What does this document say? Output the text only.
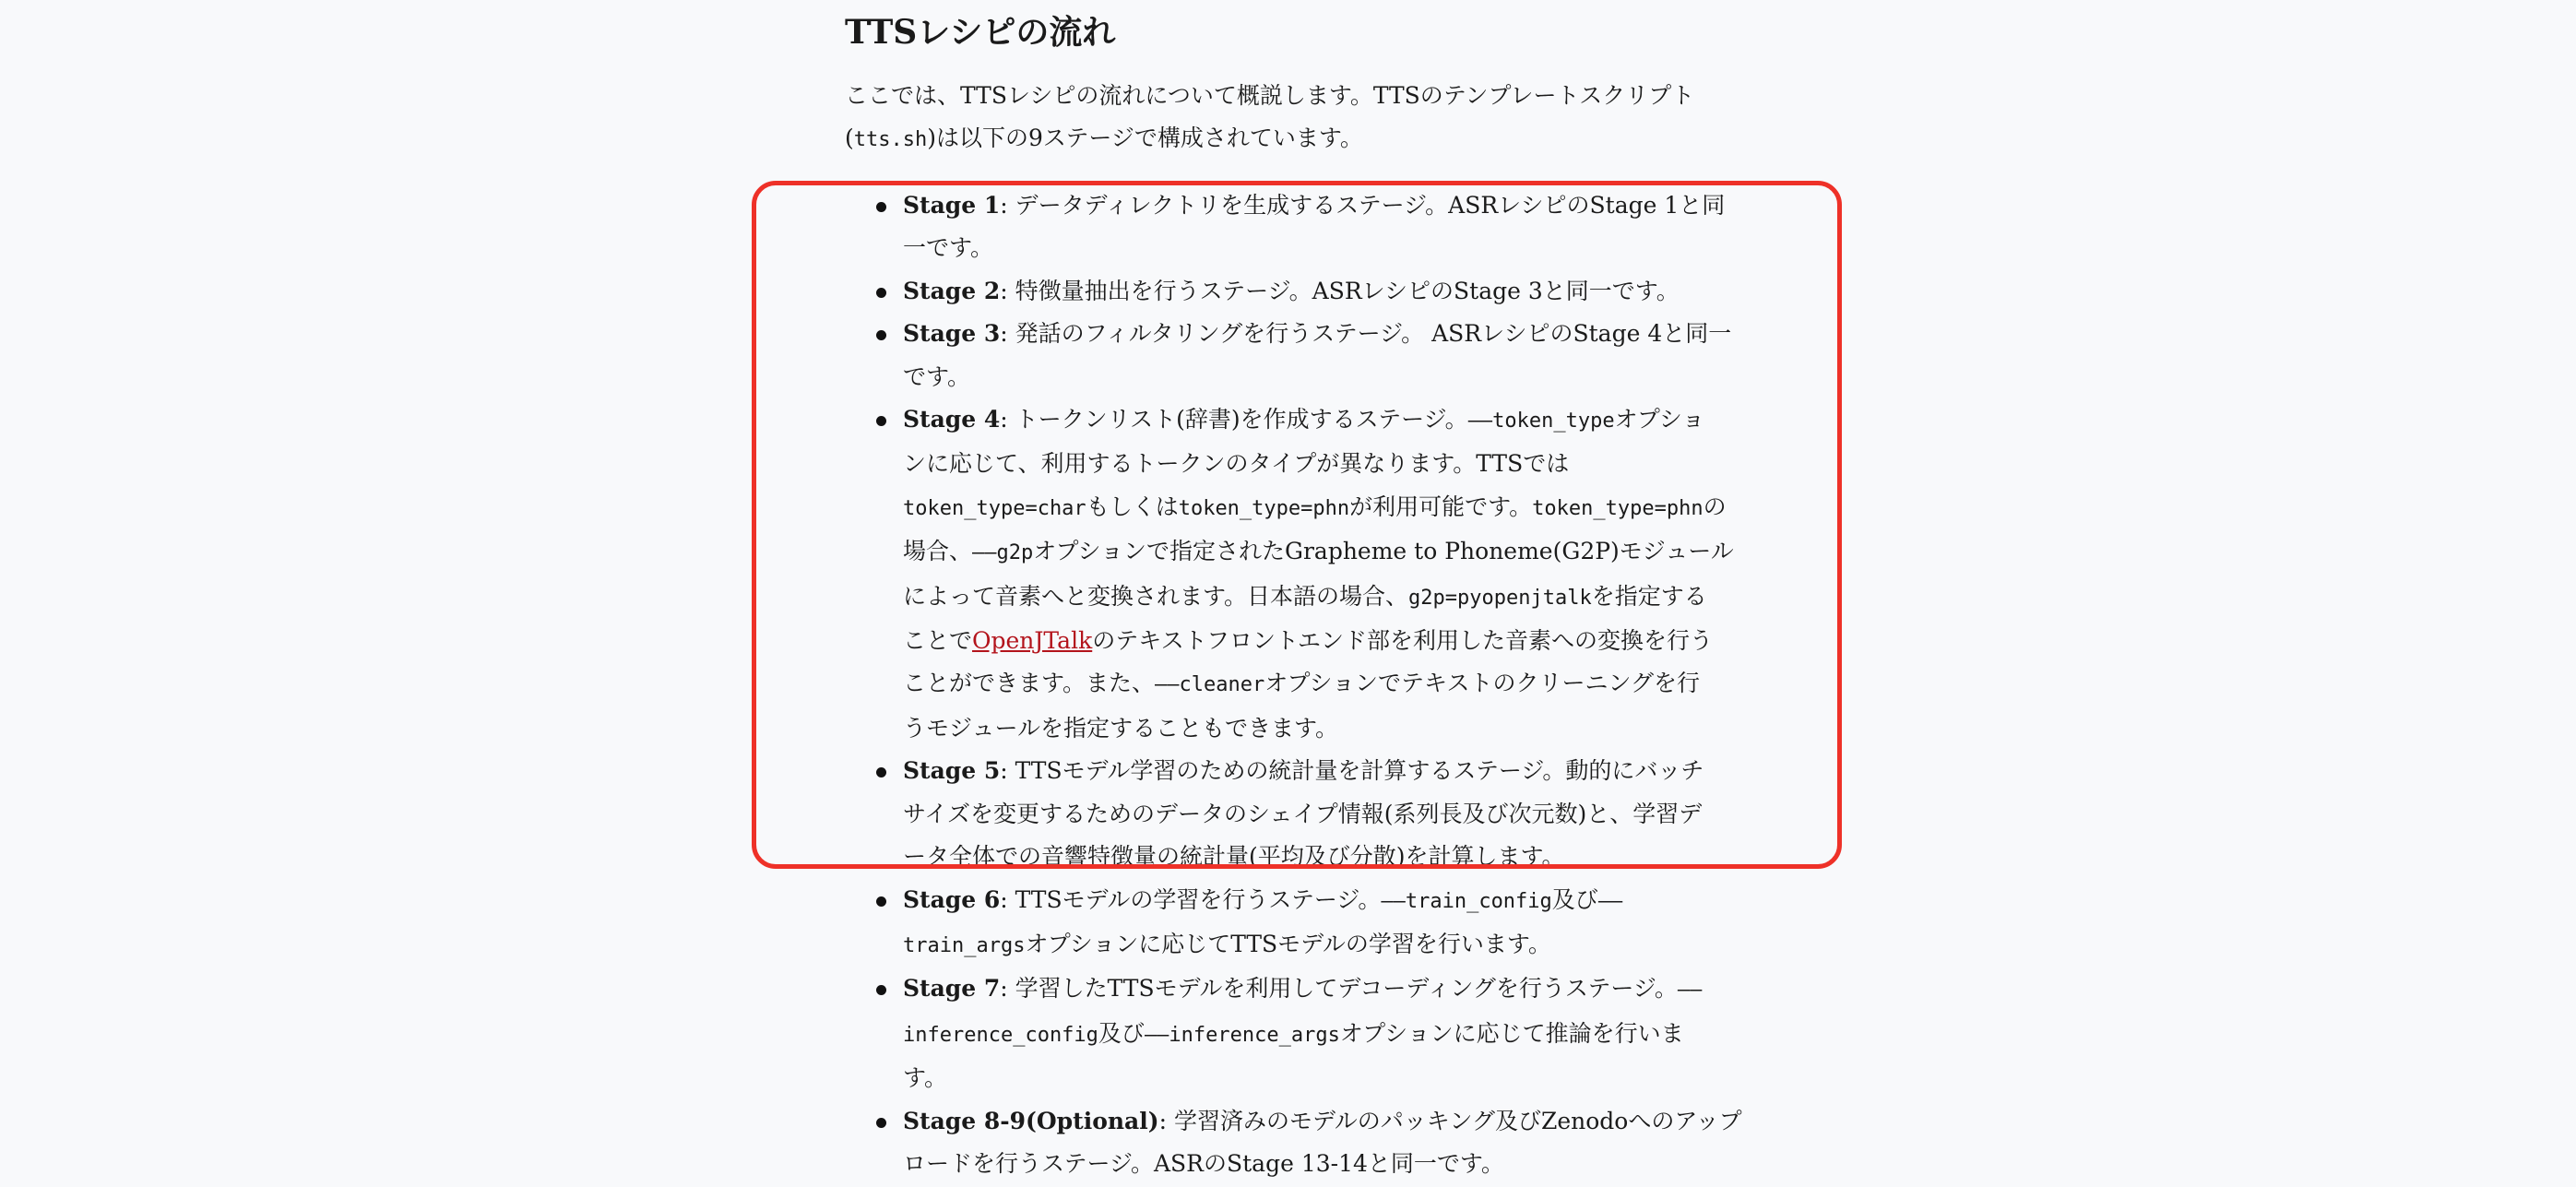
TTSレシピの流れ

ここでは、TTSレシピの流れについて概説します。TTSのテンプレートスクリプト
(tts.sh)は以下の9ステージで構成されています。

Stage 1: データディレクトリを生成するステージ。ASRレシピのStage 1と同
一です。
Stage 2: 特徴量抽出を行うステージ。ASRレシピのStage 3と同一です。
Stage 3: 発話のフィルタリングを行うステージ。 ASRレシピのStage 4と同一
です。
Stage 4: トークンリスト(辞書)を作成するステージ。––token_typeオプショ
ンに応じて、利用するトークンのタイプが異なります。TTSでは
token_type=charもしくはtoken_type=phnが利用可能です。token_type=phnの
場合、––g2pオプションで指定されたGrapheme to Phoneme(G2P)モジュール
によって音素へと変換されます。日本語の場合、g2p=pyopenjtalkを指定する
ことでOpenJTalkのテキストフロントエンド部を利用した音素への変換を行う
ことができます。また、––cleanerオプションでテキストのクリーニングを行
うモジュールを指定することもできます。
Stage 5: TTSモデル学習のための統計量を計算するステージ。動的にバッチ
サイズを変更するためのデータのシェイプ情報(系列長及び次元数)と、学習デ
ータ全体での音響特徴量の統計量(平均及び分散)を計算します。
Stage 6: TTSモデルの学習を行うステージ。––train_config及び––
train_argsオプションに応じてTTSモデルの学習を行います。
Stage 7: 学習したTTSモデルを利用してデコーディングを行うステージ。––
inference_config及び––inference_argsオプションに応じて推論を行いま
す。
Stage 8-9(Optional): 学習済みのモデルのパッキング及びZenodoへのアップ
ロードを行うステージ。ASRのStage 13-14と同一です。
